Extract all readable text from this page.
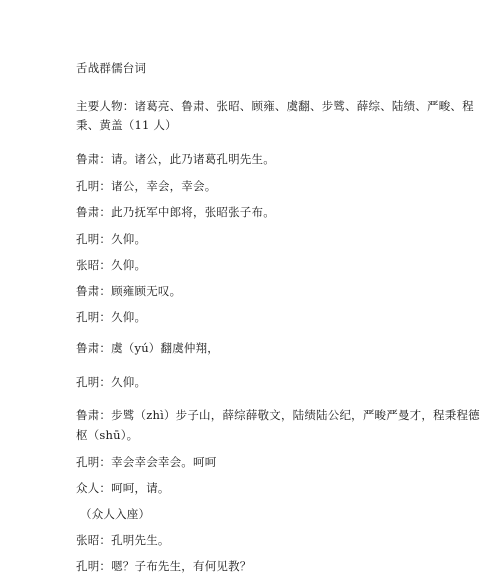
舌战群儒台词
主要人物：诸葛亮、鲁肃、张昭、顾雍、虞翻、步骘、薛综、陆绩、严畯、程
秉、黄盖（11 人）
鲁肃：请。诸公，此乃诸葛孔明先生。
孔明：诸公，幸会，幸会。
鲁肃：此乃抚军中郎将，张昭张子布。
孔明：久仰。
张昭：久仰。
鲁肃：顾雍顾无叹。
孔明：久仰。
鲁肃：虞（yú）翻虞仲翔，
孔明：久仰。
鲁肃：步骘（zhì）步子山，薛综薛敬文，陆绩陆公纪，严畯严曼才，程秉程德
枢（shū）。
孔明：幸会幸会幸会。呵呵
众人：呵呵，请。
（众人入座）
张昭：孔明先生。
孔明：嗯？子布先生，有何见教？
